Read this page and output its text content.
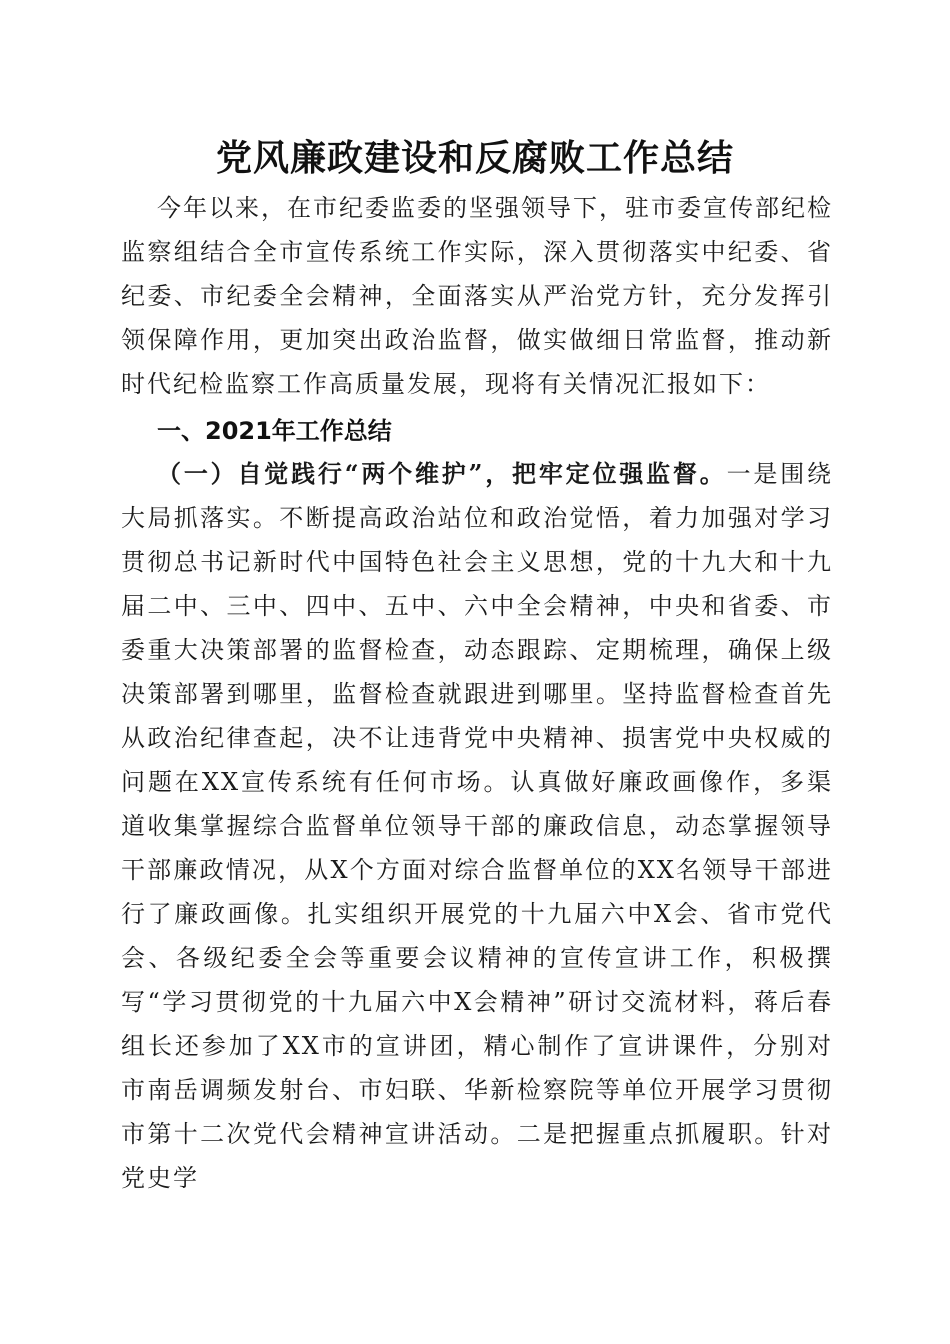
党风廉政建设和反腐败工作总结

今年以来，在市纪委监委的坚强领导下，驻市委宣传部纪检监察组结合全市宣传系统工作实际，深入贯彻落实中纪委、省纪委、市纪委全会精神，全面落实从严治党方针，充分发挥引领保障作用，更加突出政治监督，做实做细日常监督，推动新时代纪检监察工作高质量发展，现将有关情况汇报如下：

一、2021年工作总结

（一）自觉践行“两个维护”，把牢定位强监督。一是围绕大局抓落实。不断提高政治站位和政治觉悟，着力加强对学习贯彻总书记新时代中国特色社会主义思想，党的十九大和十九届二中、三中、四中、五中、六中全会精神，中央和省委、市委重大决策部署的监督检查，动态跟踪、定期梳理，确保上级决策部署到哪里，监督检查就跟进到哪里。坚持监督检查首先从政治纪律查起，决不让违背党中央精神、损害党中央权威的问题在XX宣传系统有任何市场。认真做好廉政画像作，多渠道收集掌握综合监督单位领导干部的廉政信息，动态掌握领导干部廉政情况，从X个方面对综合监督单位的XX名领导干部进行了廉政画像。扎实组织开展党的十九届六中X会、省市党代会、各级纪委全会等重要会议精神的宣传宣讲工作，积极撰写“学习贯彻党的十九届六中X会精神”研讨交流材料，蒋后春组长还参加了XX市的宣讲团，精心制作了宣讲课件，分别对市南岳调频发射台、市妇联、华新检察院等单位开展学习贯彻市第十二次党代会精神宣讲活动。二是把握重点抓履职。针对党史学
